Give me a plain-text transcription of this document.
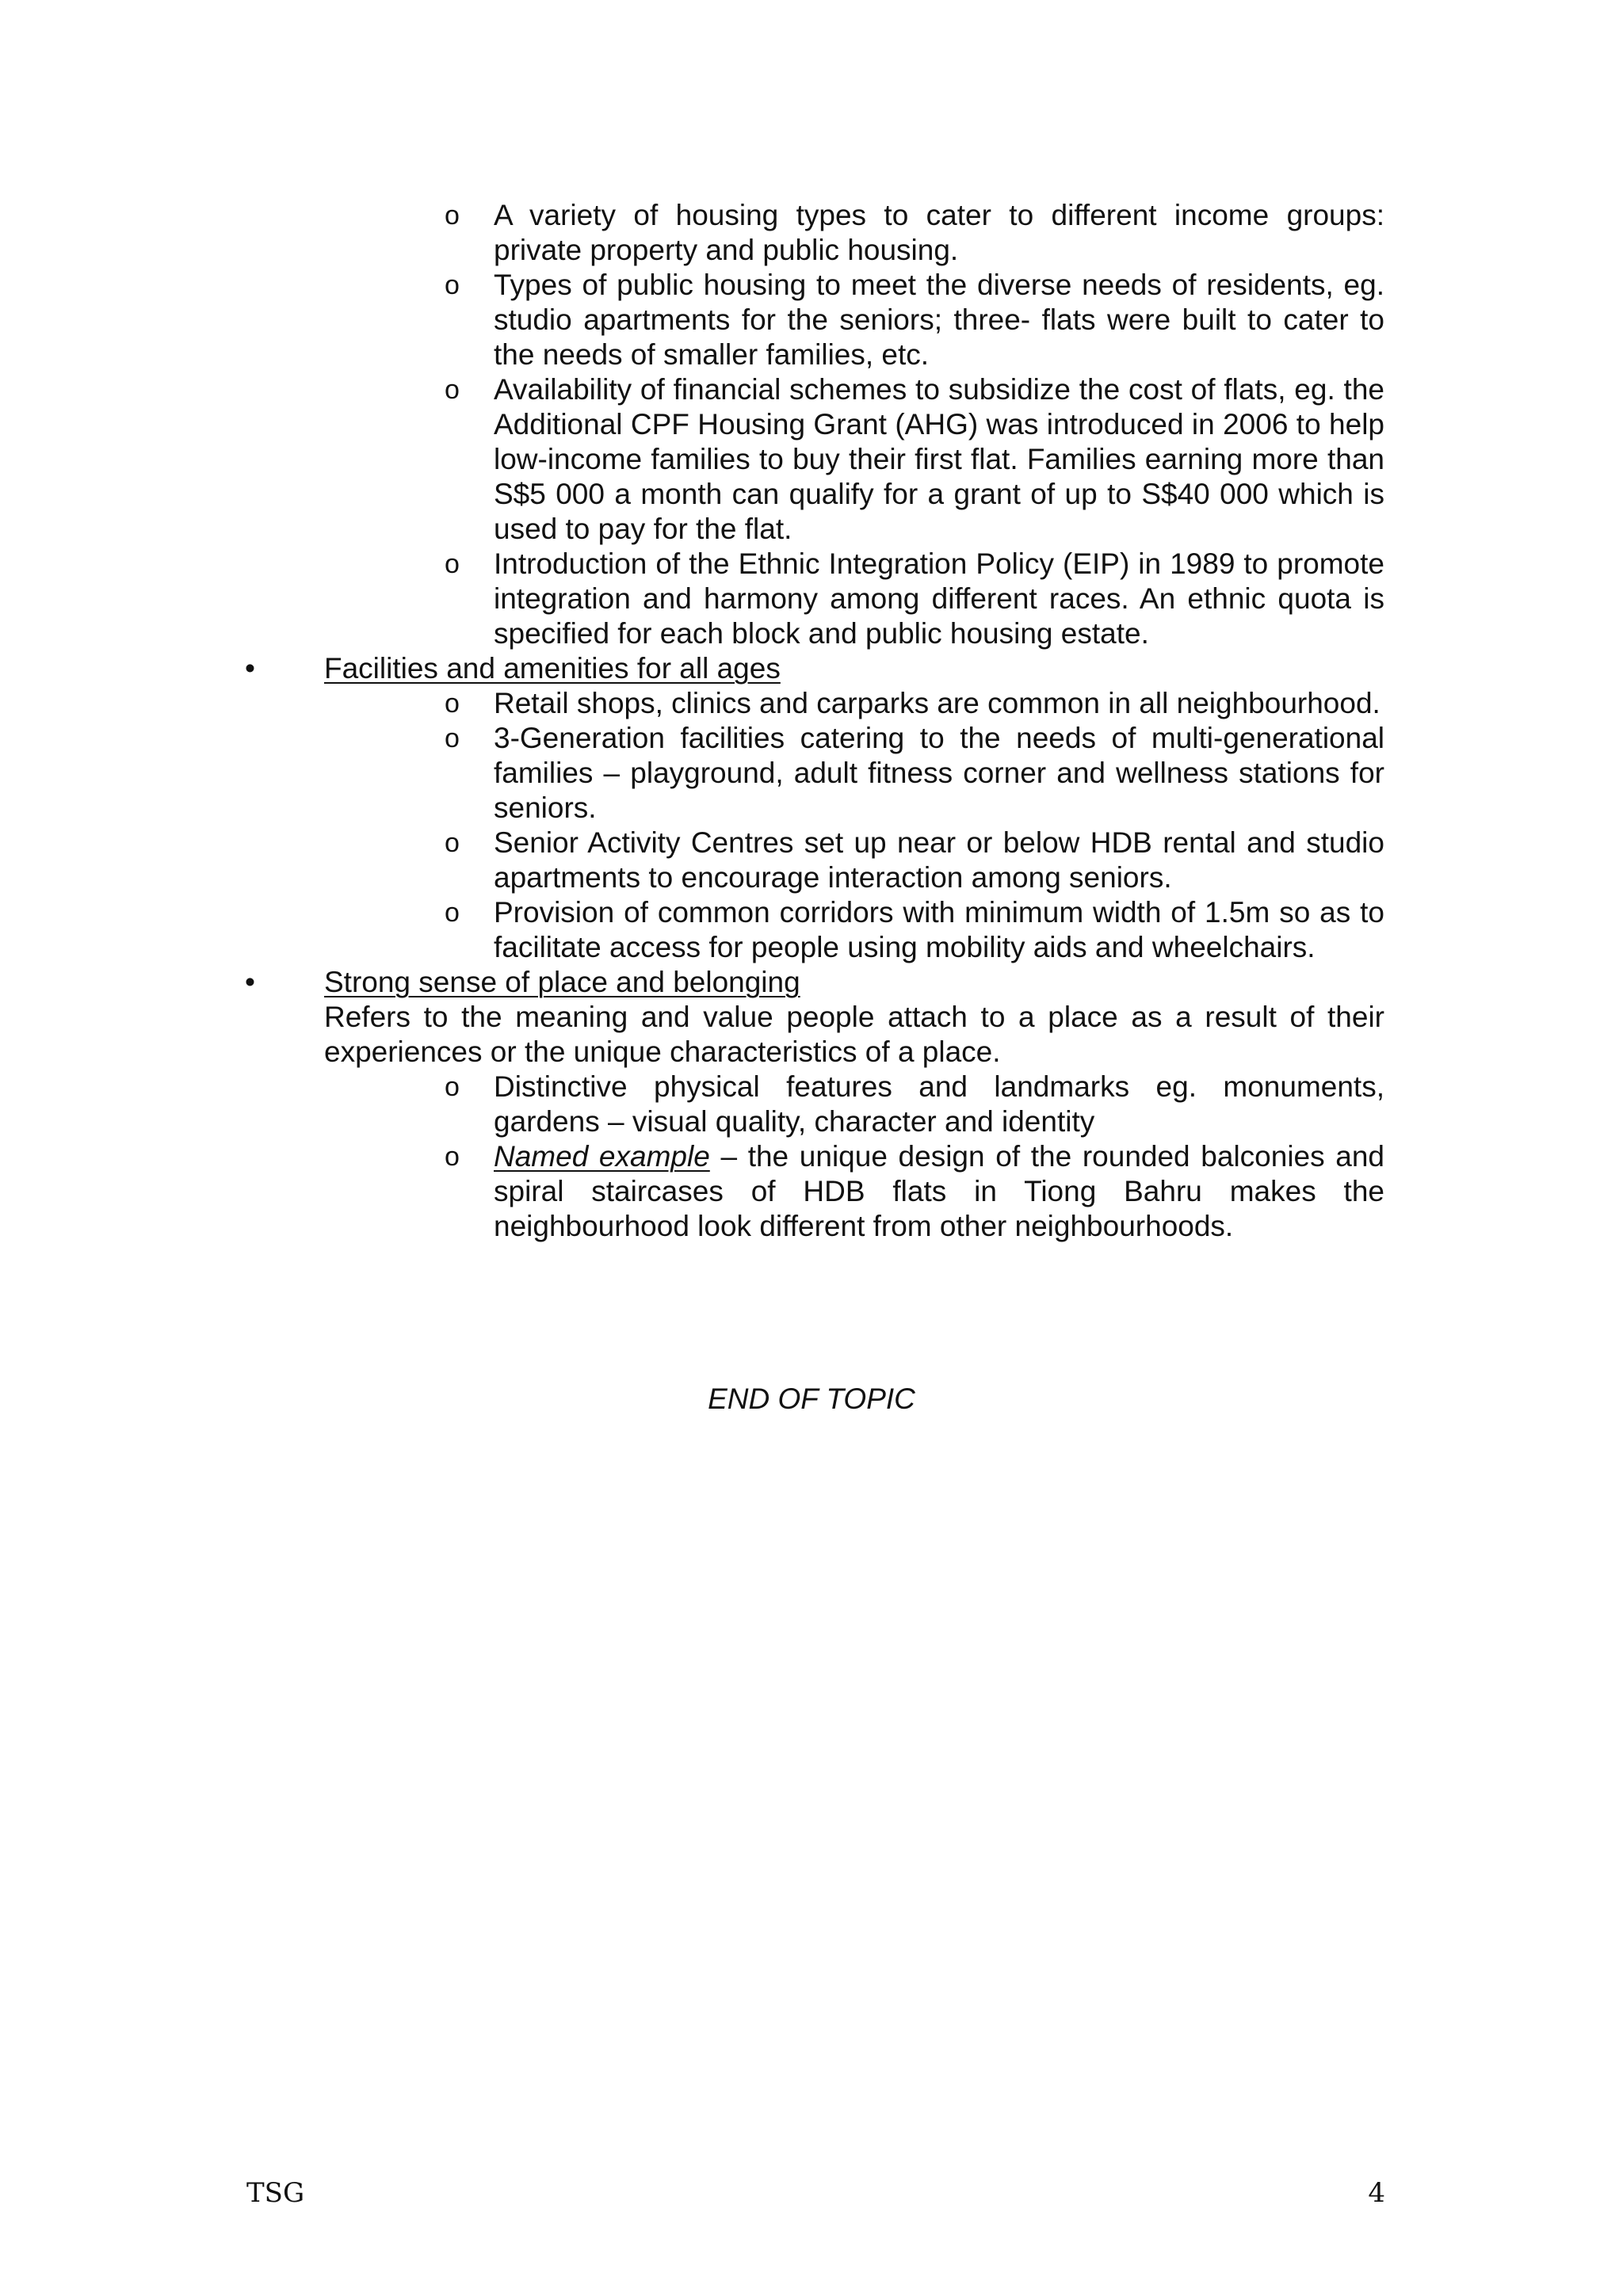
o A variety of housing types to cater to different income groups: private property and public housing.
o Types of public housing to meet the diverse needs of residents, eg. studio apartments for the seniors; three- flats were built to cater to the needs of smaller families, etc.
o Availability of financial schemes to subsidize the cost of flats, eg. the Additional CPF Housing Grant (AHG) was introduced in 2006 to help low-income families to buy their first flat. Families earning more than S$5 000 a month can qualify for a grant of up to S$40 000 which is used to pay for the flat.
o Introduction of the Ethnic Integration Policy (EIP) in 1989 to promote integration and harmony among different races. An ethnic quota is specified for each block and public housing estate.
• Facilities and amenities for all ages
o Retail shops, clinics and carparks are common in all neighbourhood.
o 3-Generation facilities catering to the needs of multi-generational families – playground, adult fitness corner and wellness stations for seniors.
o Senior Activity Centres set up near or below HDB rental and studio apartments to encourage interaction among seniors.
o Provision of common corridors with minimum width of 1.5m so as to facilitate access for people using mobility aids and wheelchairs.
• Strong sense of place and belonging
Refers to the meaning and value people attach to a place as a result of their experiences or the unique characteristics of a place.
o Distinctive physical features and landmarks eg. monuments, gardens – visual quality, character and identity
o Named example – the unique design of the rounded balconies and spiral staircases of HDB flats in Tiong Bahru makes the neighbourhood look different from other neighbourhoods.
END OF TOPIC
TSG	4
